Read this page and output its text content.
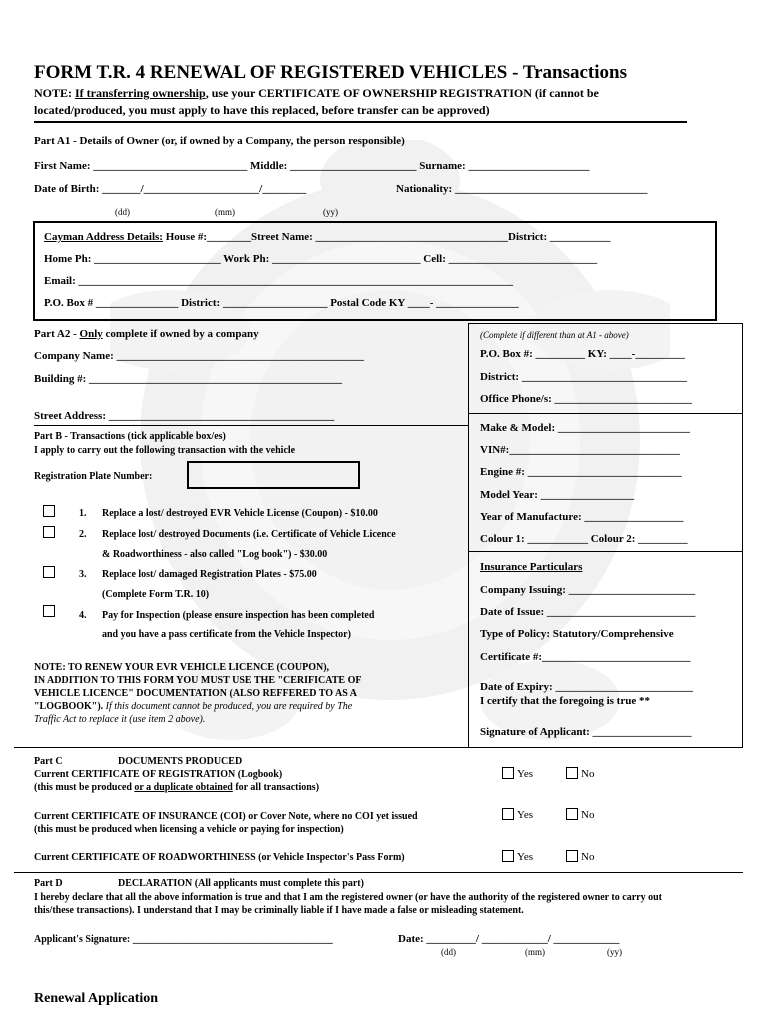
FORM T.R. 4 RENEWAL OF REGISTERED VEHICLES - Transactions
NOTE: If transferring ownership, use your CERTIFICATE OF OWNERSHIP REGISTRATION (if cannot be
located/produced, you must apply to have this replaced, before transfer can be approved)
Part A1 - Details of Owner (or, if owned by a Company, the person responsible)
First Name: ____________________________ Middle: _______________________ Surname: ______________________
Date of Birth: _______/_____________________/________	Nationality: ___________________________________
(dd)	(mm)	(yy)
Cayman Address Details: House #:________Street Name: ___________________________________District: ___________
Home Ph: _______________________ Work Ph: ___________________________ Cell: ___________________________
Email: _______________________________________________________________________________
P.O. Box # _______________ District: ___________________ Postal Code KY ____- _______________
Part A2 - Only complete if owned by a company
Company Name: _____________________________________________
Building #: ______________________________________________
Street Address: _________________________________________
(Complete if different than at A1 - above)
P.O. Box #: _________ KY: ____-_________
District: ______________________________
Office Phone/s: _________________________
Make & Model: ________________________
VIN#:_______________________________
Engine #: ____________________________
Model Year: _________________
Year of Manufacture: __________________
Colour 1: ___________ Colour 2: _________
Insurance Particulars
Company Issuing: _______________________
Date of Issue: ___________________________
Type of Policy: Statutory/Comprehensive
Certificate #:___________________________
Date of Expiry: _________________________
I certify that the foregoing is true **
Signature of Applicant: __________________
Part B - Transactions (tick applicable box/es)
I apply to carry out the following transaction with the vehicle
Registration Plate Number:
1. Replace a lost/ destroyed EVR Vehicle License (Coupon) - $10.00
2. Replace lost/ destroyed Documents (i.e. Certificate of Vehicle Licence
& Roadworthiness - also called "Log book") - $30.00
3. Replace lost/ damaged Registration Plates - $75.00
(Complete Form T.R. 10)
4. Pay for Inspection (please ensure inspection has been completed
and you have a pass certificate from the Vehicle Inspector)
NOTE: TO RENEW YOUR EVR VEHICLE LICENCE (COUPON),
IN ADDITION TO THIS FORM YOU MUST USE THE "CERIFICATE OF
VEHICLE LICENCE" DOCUMENTATION (ALSO REFFERED TO AS A
"LOGBOOK"). If this document cannot be produced, you are required by The
Traffic Act to replace it (use item 2 above).
Part C	DOCUMENTS PRODUCED
Current CERTIFICATE OF REGISTRATION (Logbook)
(this must be produced or a duplicate obtained for all transactions)
Yes	No
Current CERTIFICATE OF INSURANCE (COI) or Cover Note, where no COI yet issued
(this must be produced when licensing a vehicle or paying for inspection)
Yes	No
Current CERTIFICATE OF ROADWORTHINESS (or Vehicle Inspector's Pass Form)	Yes	No
Part D	DECLARATION (All applicants must complete this part)
I hereby declare that all the above information is true and that I am the registered owner (or have the authority of the registered owner to carry out
this/these transactions). I understand that I may be criminally liable if I have made a false or misleading statement.
Applicant's Signature: ________________________________________	Date: _________/ ____________/ ____________
(dd)	(mm)	(yy)
Renewal Application
